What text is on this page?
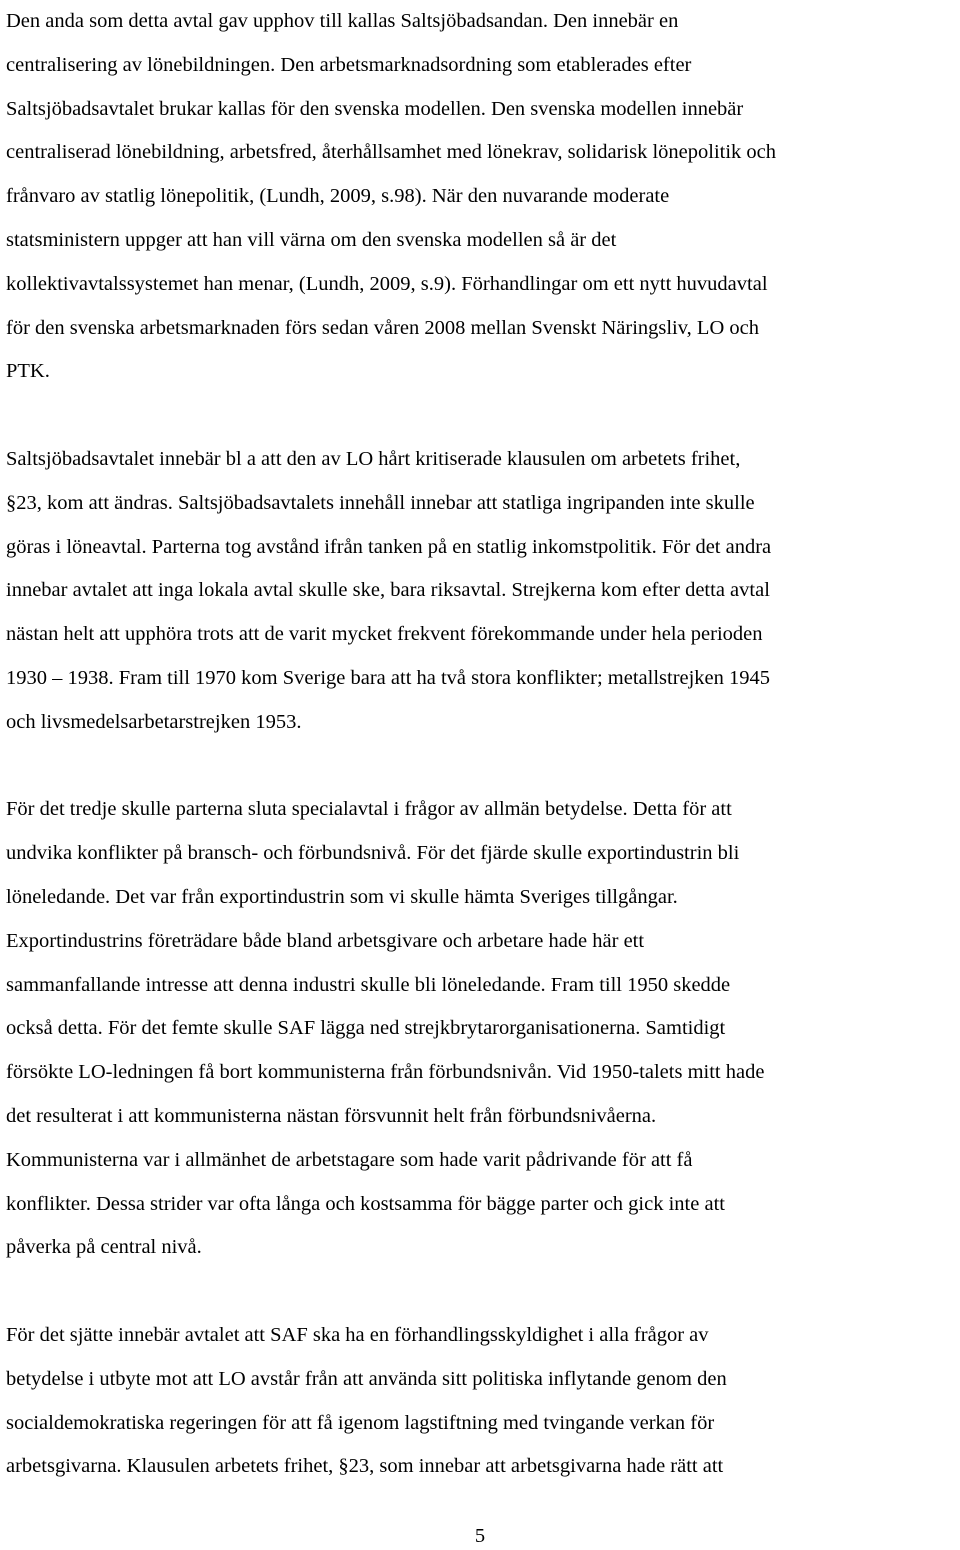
Den anda som detta avtal gav upphov till kallas Saltsjöbadsandan. Den innebär en
centralisering av lönebildningen. Den arbetsmarknadsordning som etablerades efter
Saltsjöbadsavtalet brukar kallas för den svenska modellen. Den svenska modellen innebär
centraliserad lönebildning, arbetsfred, återhållsamhet med lönekrav, solidarisk lönepolitik och
frånvaro av statlig lönepolitik, (Lundh, 2009, s.98). När den nuvarande moderate
statsministern uppger att han vill värna om den svenska modellen så är det
kollektivavtalssystemet han menar, (Lundh, 2009, s.9). Förhandlingar om ett nytt huvudavtal
för den svenska arbetsmarknaden förs sedan våren 2008 mellan Svenskt Näringsliv, LO och
PTK.

Saltsjöbadsavtalet innebär bl a att den av LO hårt kritiserade klausulen om arbetets frihet,
§23, kom att ändras. Saltsjöbadsavtalets innehåll innebar att statliga ingripanden inte skulle
göras i löneavtal. Parterna tog avstånd ifrån tanken på en statlig inkomstpolitik. För det andra
innebar avtalet att inga lokala avtal skulle ske, bara riksavtal. Strejkerna kom efter detta avtal
nästan helt att upphöra trots att de varit mycket frekvent förekommande under hela perioden
1930 – 1938. Fram till 1970 kom Sverige bara att ha två stora konflikter; metallstrejken 1945
och livsmedelsarbetarstrejken 1953.

För det tredje skulle parterna sluta specialavtal i frågor av allmän betydelse. Detta för att
undvika konflikter på bransch- och förbundsnivå. För det fjärde skulle exportindustrin bli
löneledande. Det var från exportindustrin som vi skulle hämta Sveriges tillgångar.
Exportindustrins företrädare både bland arbetsgivare och arbetare hade här ett
sammanfallande intresse att denna industri skulle bli löneledande. Fram till 1950 skedde
också detta. För det femte skulle SAF lägga ned strejkbrytarorganisationerna. Samtidigt
försökte LO-ledningen få bort kommunisterna från förbundsnivån. Vid 1950-talets mitt hade
det resulterat i att kommunisterna nästan försvunnit helt från förbundsnivåerna.
Kommunisterna var i allmänhet de arbetstagare som hade varit pådrivande för att få
konflikter. Dessa strider var ofta långa och kostsamma för bägge parter och gick inte att
påverka på central nivå.

För det sjätte innebär avtalet att SAF ska ha en förhandlingsskyldighet i alla frågor av
betydelse i utbyte mot att LO avstår från att använda sitt politiska inflytande genom den
socialdemokratiska regeringen för att få igenom lagstiftning med tvingande verkan för
arbetsgivarna. Klausulen arbetets frihet, §23, som innebar att arbetsgivarna hade rätt att

5
